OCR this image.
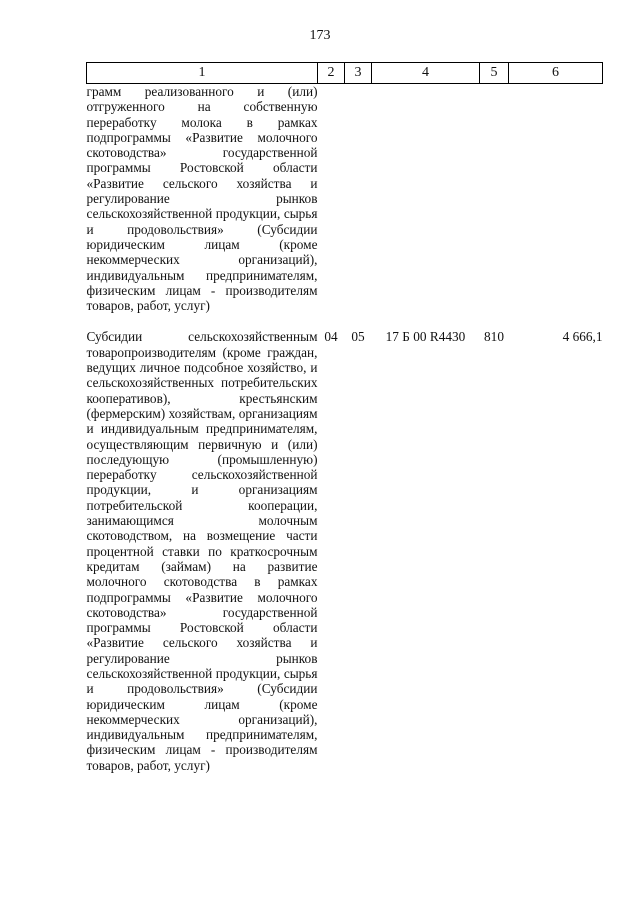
173
1	2	3	4	5	6
грамм реализованного и (или) отгруженного на собственную переработку молока в рамках подпрограммы «Развитие молочного скотоводства» государственной программы Ростовской области «Развитие сельского хозяйства и регулирование рынков сельскохозяйственной продукции, сырья и продовольствия» (Субсидии юридическим лицам (кроме некоммерческих организаций), индивидуальным предпринимателям, физическим лицам - производителям товаров, работ, услуг)					
Субсидии сельскохозяйственным товаропроизводителям (кроме граждан, ведущих личное подсобное хозяйство, и сельскохозяйственных потребительских кооперативов), крестьянским (фермерским) хозяйствам, организациям и индивидуальным предпринимателям, осуществляющим первичную и (или) последующую (промышленную) переработку сельскохозяйственной продукции, и организациям потребительской кооперации, занимающимся молочным скотоводством, на возмещение части процентной ставки по краткосрочным кредитам (займам) на развитие молочного скотоводства в рамках подпрограммы «Развитие молочного скотоводства» государственной программы Ростовской области «Развитие сельского хозяйства и регулирование рынков сельскохозяйственной продукции, сырья и продовольствия» (Субсидии юридическим лицам (кроме некоммерческих организаций), индивидуальным предпринимателям, физическим лицам - производителям товаров, работ, услуг)	04	05	17 Б 00 R4430	810	4 666,1
